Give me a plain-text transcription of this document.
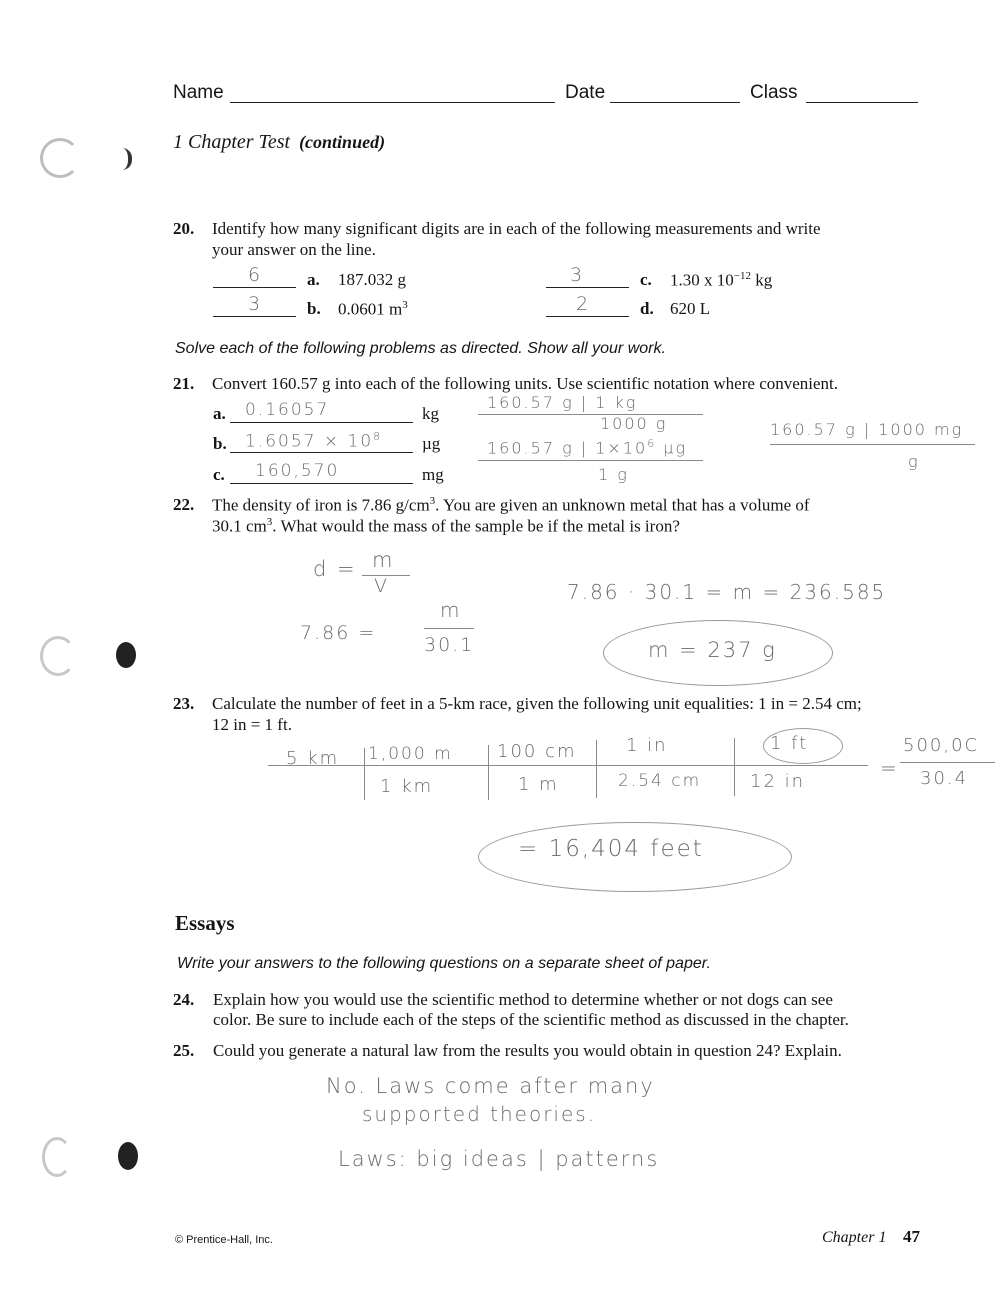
Name	Date	Class
1 Chapter Test (continued)
20. Identify how many significant digits are in each of the following measurements and write
your answer on the line.
6	a. 187.032 g
3	b. 0.0601 $m^3$
3	c. 1.30 x $10^{-12}$ kg
2	d. 620 L
Solve each of the following problems as directed. Show all your work.
21. Convert 160.57 g into each of the following units. Use scientific notation where convenient.
a. 0.16057	kg
b. $1.6057 \times 10^8$ µg
c. 160,570	mg
160.57 g | 1 kg
1000 g
160.57 g | $1\times 10^6$ µg
1 g
160.57 g | 1000 mg
g
22. The density of iron is 7.86 $g/cm^3$. You are given an unknown metal that has a volume of
30.1 $cm^3$. What would the mass of the sample be if the metal is iron?
d = m
V
7.86 =
m
30.1
7.86 · 30.1 = m = 236.585
m = 237 g
23. Calculate the number of feet in a 5-km race, given the following unit equalities: 1 in = 2.54 cm;
12 in = 1 ft.
5 km 1,000 m 100 cm	1 in	1 ft
1 km	1 m	2.54 cm	12 in
=
500,0C
30.4
= 16,404 feet
Essays
Write your answers to the following questions on a separate sheet of paper.
24. Explain how you would use the scientific method to determine whether or not dogs can see
color. Be sure to include each of the steps of the scientific method as discussed in the chapter.
25. Could you generate a natural law from the results you would obtain in question 24? Explain.
No. Laws come after many
supported theories.
Laws: big ideas | patterns
© Prentice-Hall, Inc.	Chapter 1 47
